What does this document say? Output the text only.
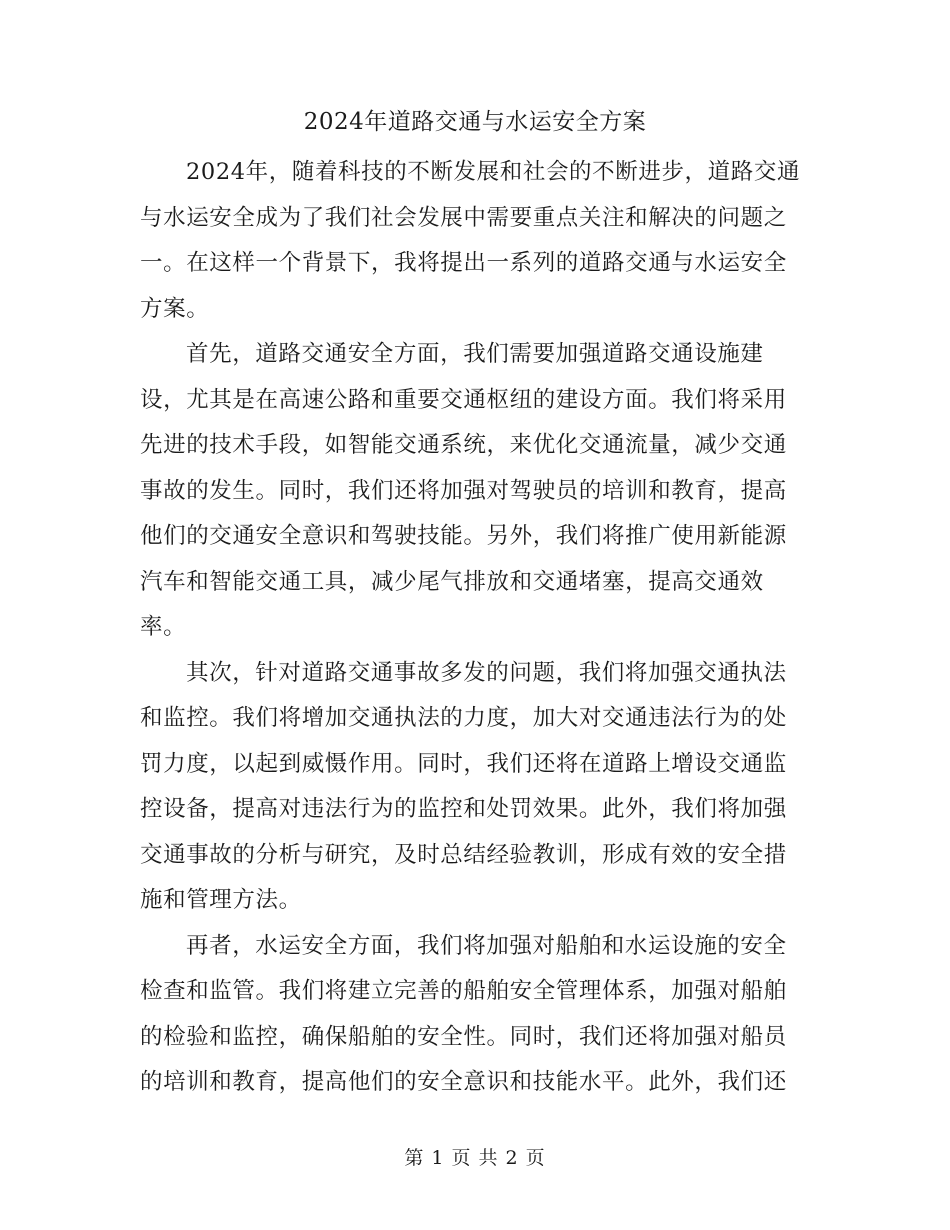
2024年道路交通与水运安全方案

2024年，随着科技的不断发展和社会的不断进步，道路交通与水运安全成为了我们社会发展中需要重点关注和解决的问题之一。在这样一个背景下，我将提出一系列的道路交通与水运安全方案。

首先，道路交通安全方面，我们需要加强道路交通设施建设，尤其是在高速公路和重要交通枢纽的建设方面。我们将采用先进的技术手段，如智能交通系统，来优化交通流量，减少交通事故的发生。同时，我们还将加强对驾驶员的培训和教育，提高他们的交通安全意识和驾驶技能。另外，我们将推广使用新能源汽车和智能交通工具，减少尾气排放和交通堵塞，提高交通效率。

其次，针对道路交通事故多发的问题，我们将加强交通执法和监控。我们将增加交通执法的力度，加大对交通违法行为的处罚力度，以起到威慑作用。同时，我们还将在道路上增设交通监控设备，提高对违法行为的监控和处罚效果。此外，我们将加强交通事故的分析与研究，及时总结经验教训，形成有效的安全措施和管理方法。

再者，水运安全方面，我们将加强对船舶和水运设施的安全检查和监管。我们将建立完善的船舶安全管理体系，加强对船舶的检验和监控，确保船舶的安全性。同时，我们还将加强对船员的培训和教育，提高他们的安全意识和技能水平。此外，我们还

第 1 页 共 2 页
